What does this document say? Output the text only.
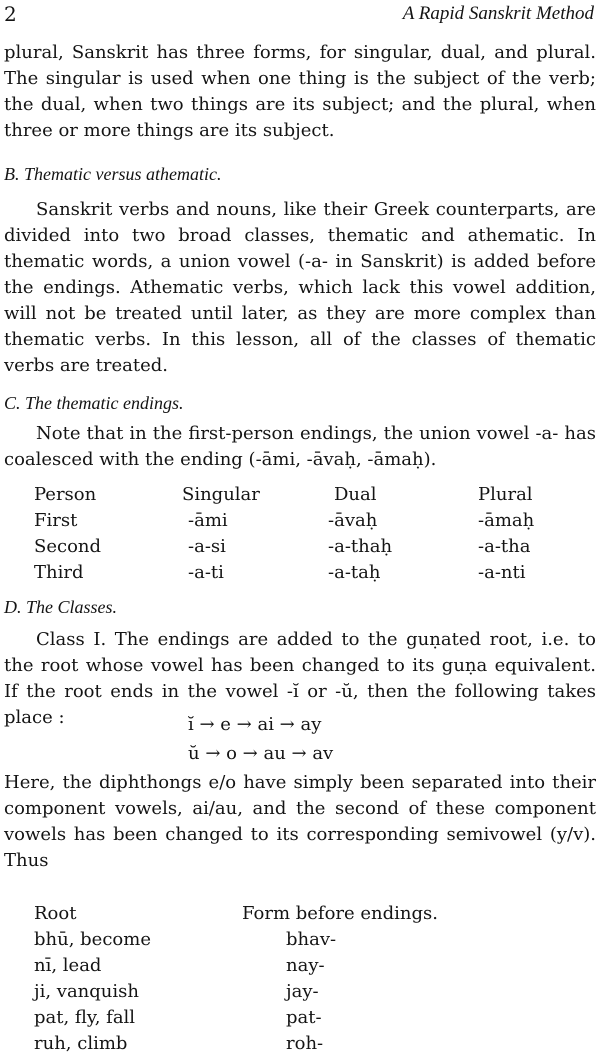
2	A Rapid Sanskrit Method
plural, Sanskrit has three forms, for singular, dual, and plural. The singular is used when one thing is the subject of the verb; the dual, when two things are its subject; and the plural, when three or more things are its subject.
B. Thematic versus athematic.
Sanskrit verbs and nouns, like their Greek counterparts, are divided into two broad classes, thematic and athematic. In thematic words, a union vowel (-a- in Sanskrit) is added before the endings. Athematic verbs, which lack this vowel addition, will not be treated until later, as they are more complex than thematic verbs. In this lesson, all of the classes of thematic verbs are treated.
C. The thematic endings.
Note that in the first-person endings, the union vowel -a- has coalesced with the ending (-āmi, -āvaḥ, -āmaḥ).
Person	Singular	Dual	Plural
First	-āmi	-āvaḥ	-āmaḥ
Second	-a-si	-a-thaḥ	-a-tha
Third	-a-ti	-a-taḥ	-a-nti
D. The Classes.
Class I. The endings are added to the guṇated root, i.e. to the root whose vowel has been changed to its guṇa equivalent. If the root ends in the vowel -ĭ or -ŭ, then the following takes place :	ĭ → e → ai → ay
ŭ → o → au → av
Here, the diphthongs e/o have simply been separated into their component vowels, ai/au, and the second of these component vowels has been changed to its corresponding semivowel (y/v). Thus
Root	Form before endings.
bhū, become	bhav-
nī, lead	nay-
ji, vanquish	jay-
pat, fly, fall	pat-
ruh, climb	roh-
